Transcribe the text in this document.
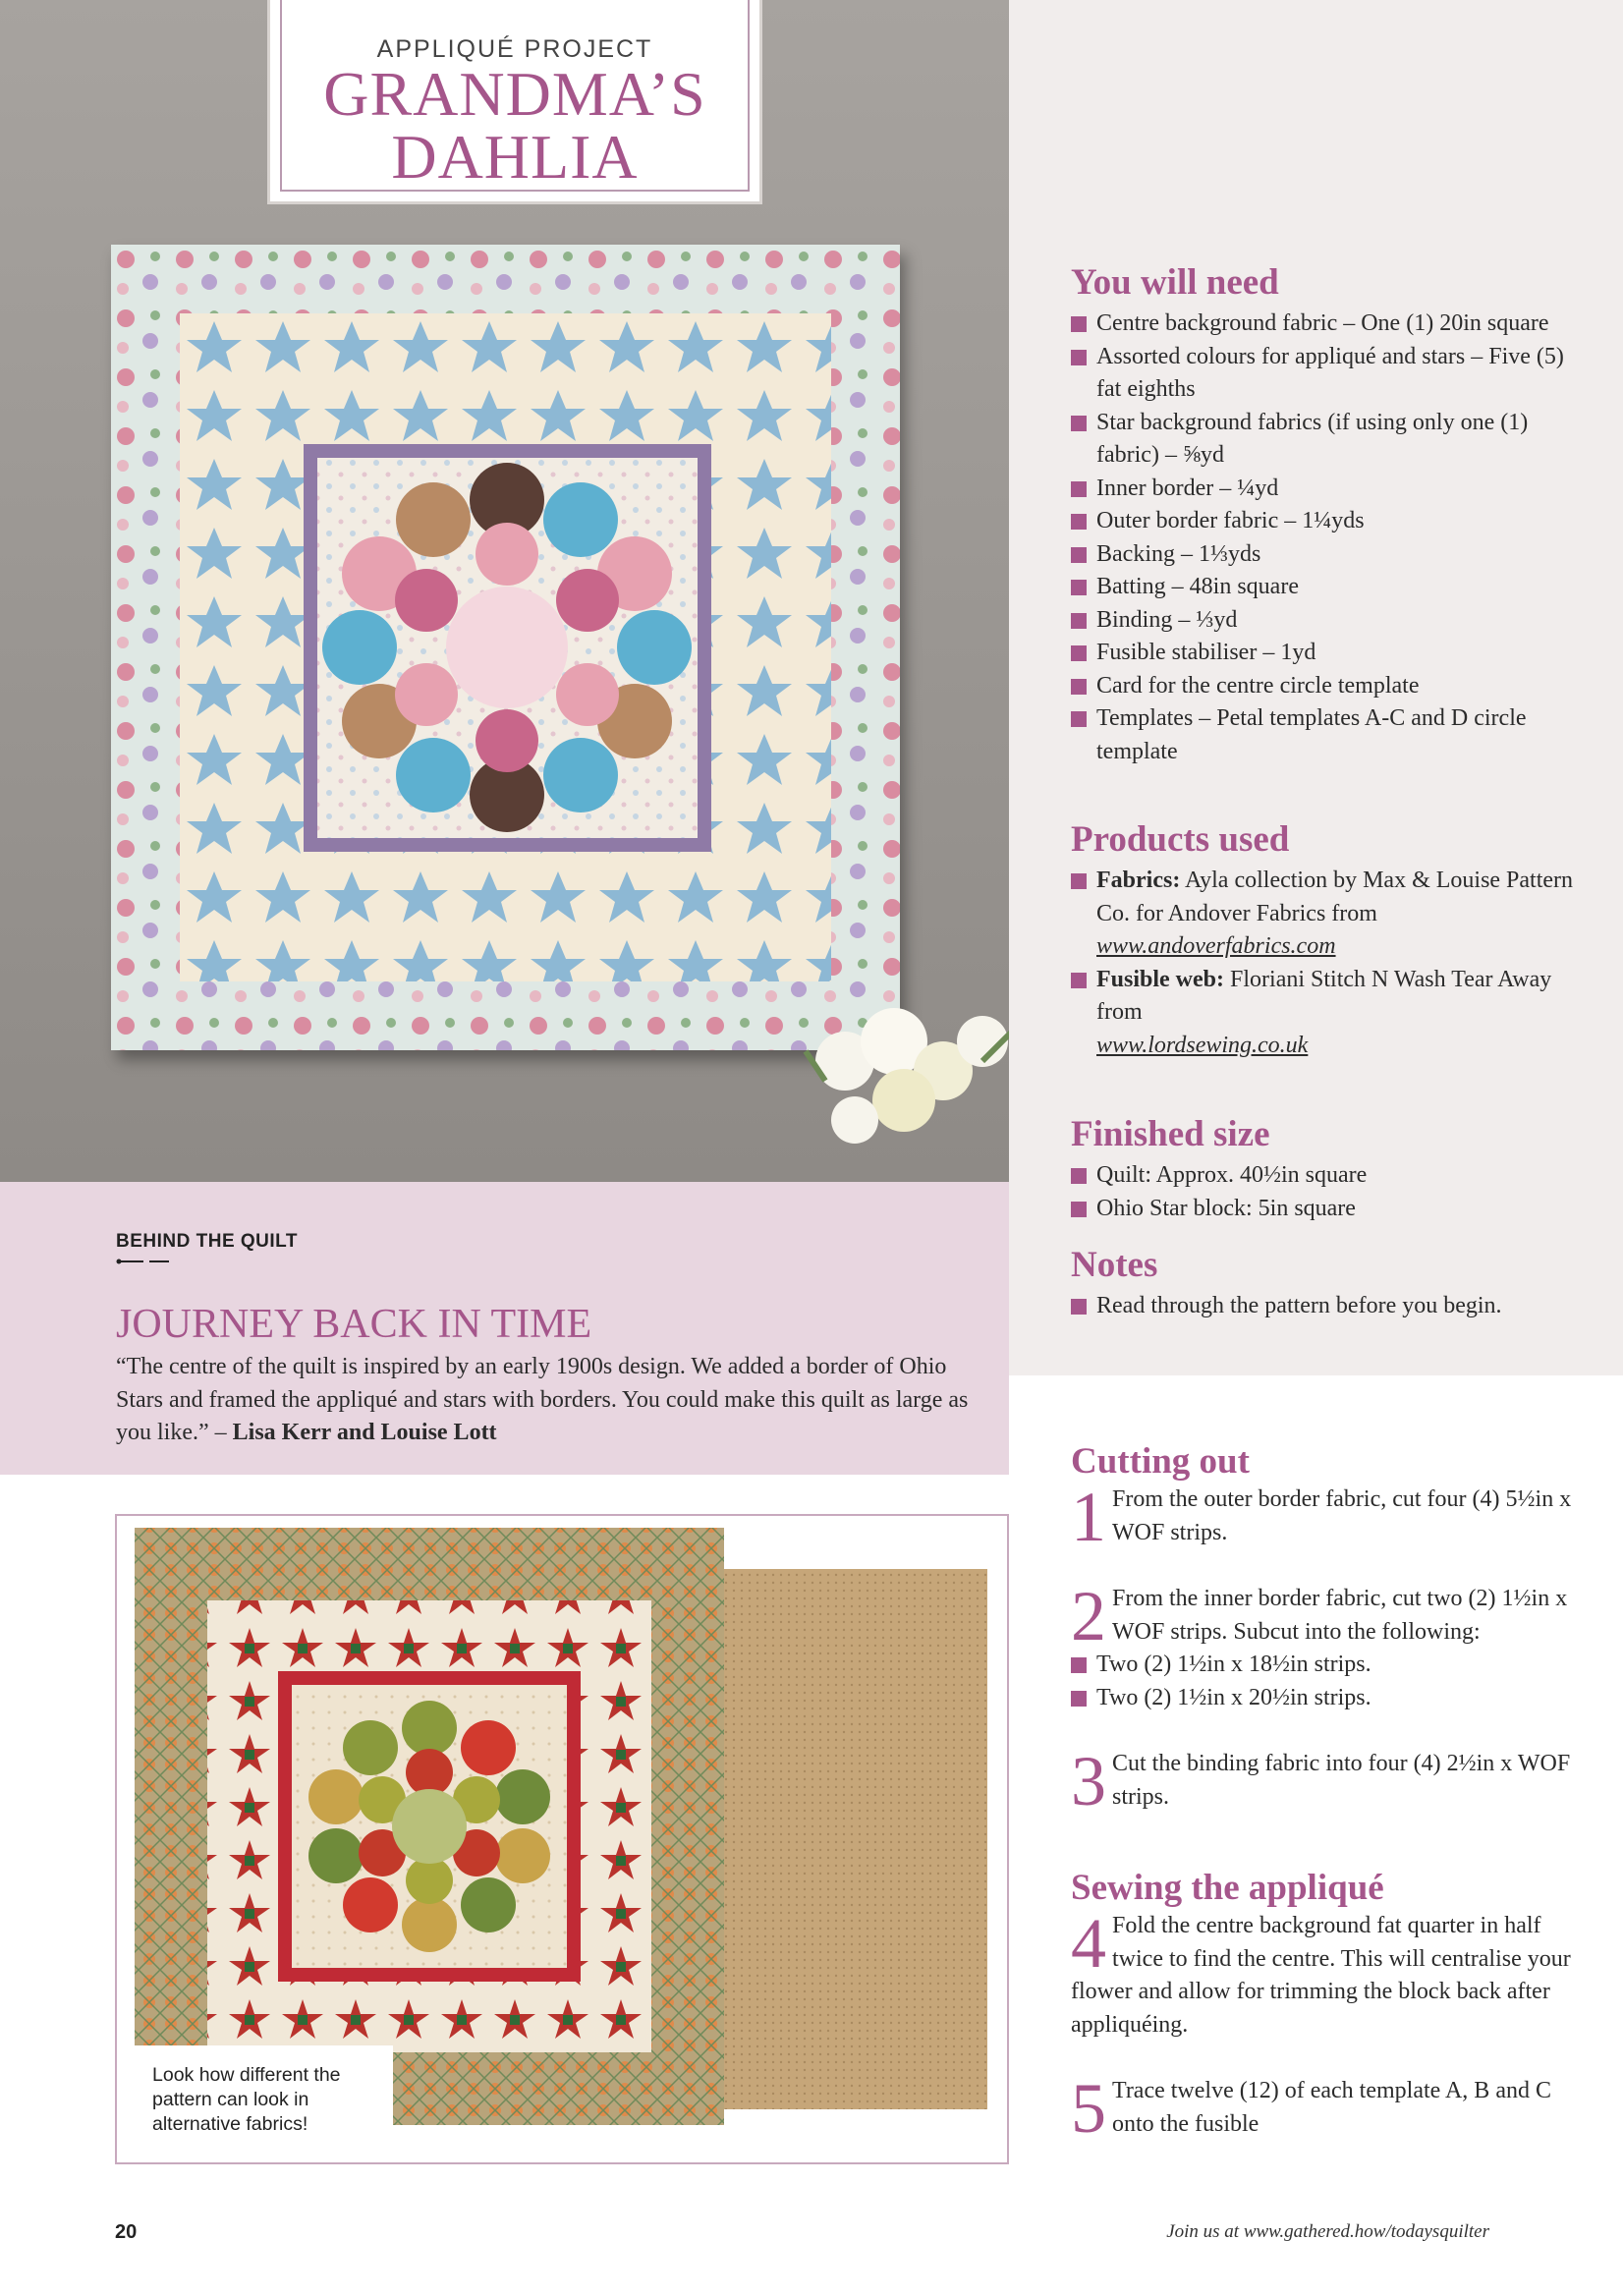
APPLIQUÉ PROJECT
GRANDMA’S
DAHLIA
You will need
Centre background fabric – One (1) 20in square
Assorted colours for appliqué and stars – Five (5) fat eighths
Star background fabrics (if using only one (1) fabric) – ⅝yd
Inner border – ¼yd
Outer border fabric – 1¼yds
Backing – 1⅓yds
Batting – 48in square
Binding – ⅓yd
Fusible stabiliser – 1yd
Card for the centre circle template
Templates – Petal templates A-C and D circle template
Products used
Fabrics: Ayla collection by Max & Louise Pattern Co. for Andover Fabrics from
www.andoverfabrics.com
Fusible web: Floriani Stitch N Wash Tear Away from
www.lordsewing.co.uk
Finished size
Quilt: Approx. 40½in square
Ohio Star block: 5in square
Notes
Read through the pattern before you begin.
BEHIND THE QUILT
JOURNEY BACK IN TIME
“The centre of the quilt is inspired by an early 1900s design. We added a border of Ohio Stars and framed the appliqué and stars with borders. You could make this quilt as large as you like.” – Lisa Kerr and Louise Lott
Look how different the pattern can look in alternative fabrics!
Cutting out
1 From the outer border fabric, cut four (4) 5½in x WOF strips.
2 From the inner border fabric, cut two (2) 1½in x WOF strips. Subcut into the following:
Two (2) 1½in x 18½in strips.
Two (2) 1½in x 20½in strips.
3 Cut the binding fabric into four (4) 2½in x WOF strips.
Sewing the appliqué
4 Fold the centre background fat quarter in half twice to find the centre. This will centralise your flower and allow for trimming the block back after appliquéing.
5 Trace twelve (12) of each template A, B and C onto the fusible
20	Join us at www.gathered.how/todaysquilter
